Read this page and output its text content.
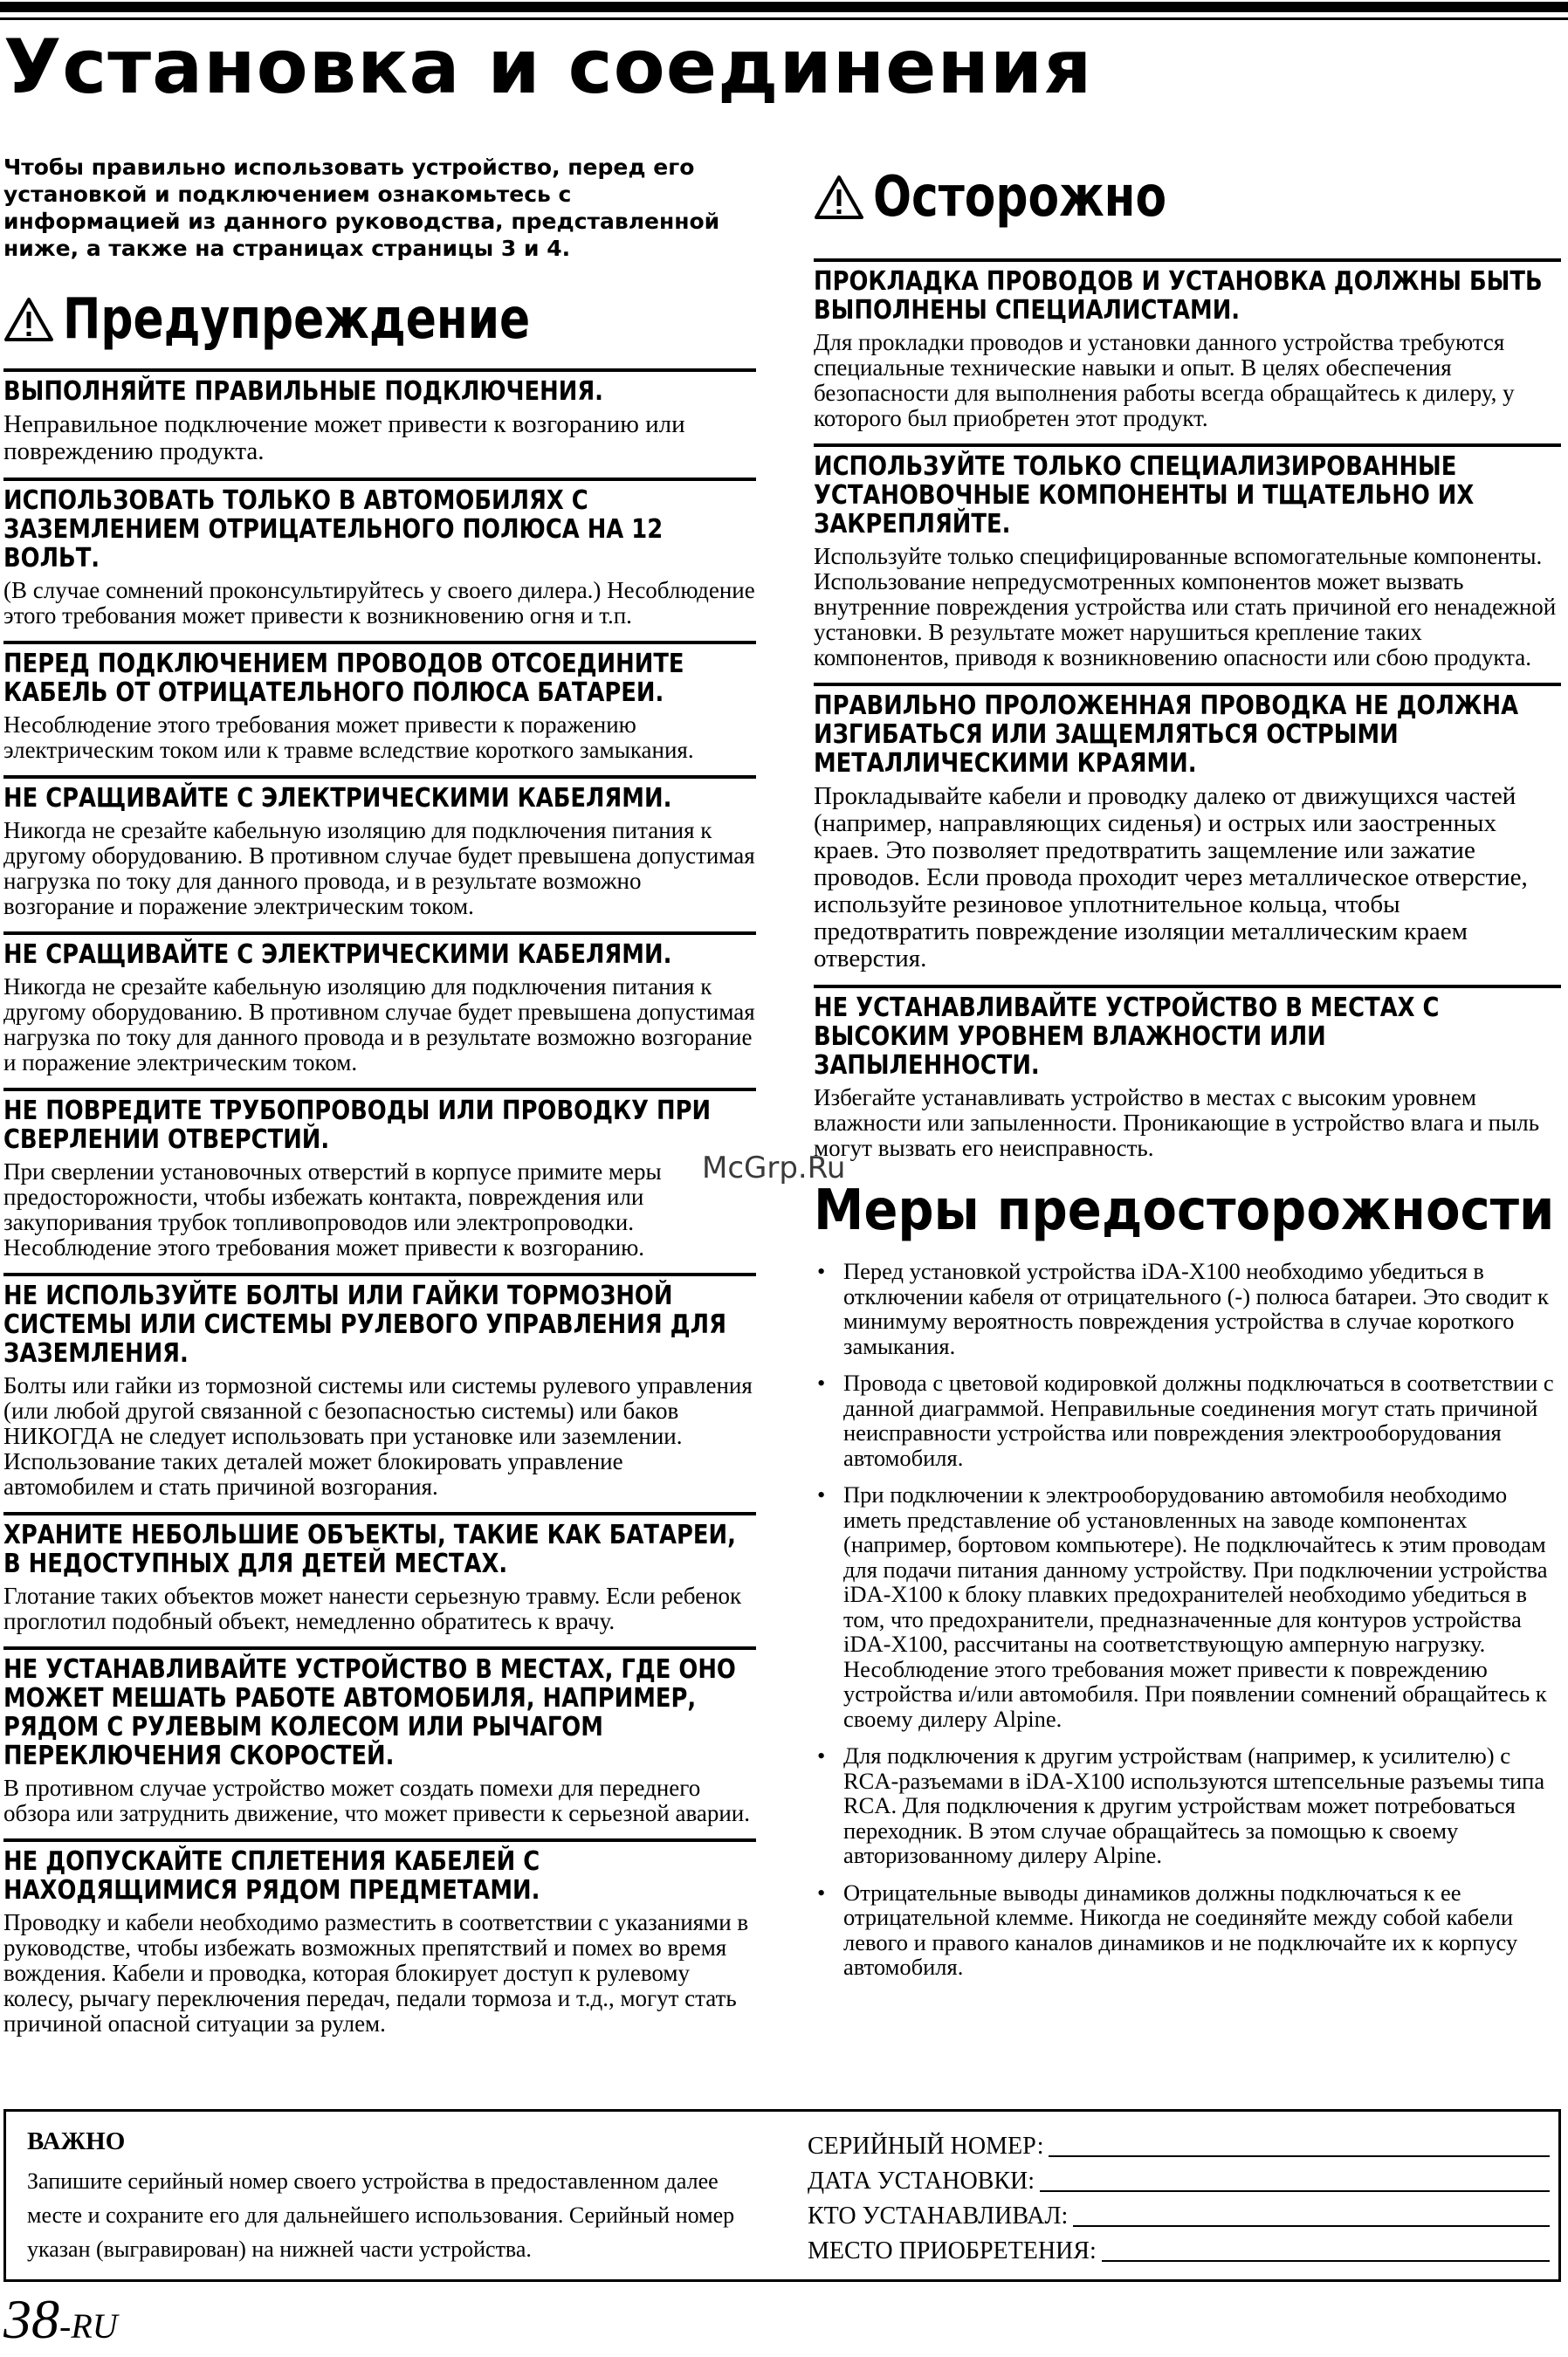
Установка и соединения

Чтобы правильно использовать устройство, перед его установкой и подключением ознакомьтесь с информацией из данного руководства, представленной ниже, а также на страницах страницы 3 и 4.

Предупреждение
ВЫПОЛНЯЙТЕ ПРАВИЛЬНЫЕ ПОДКЛЮЧЕНИЯ.

Неправильное подключение может привести к возгоранию или повреждению продукта.

ИСПОЛЬЗОВАТЬ ТОЛЬКО В АВТОМОБИЛЯХ С ЗАЗЕМЛЕНИЕМ ОТРИЦАТЕЛЬНОГО ПОЛЮСА НА 12 ВОЛЬТ.

(В случае сомнений проконсультируйтесь у своего дилера.) Несоблюдение этого требования может привести к возникновению огня и т.п.

ПЕРЕД ПОДКЛЮЧЕНИЕМ ПРОВОДОВ ОТСОЕДИНИТЕ КАБЕЛЬ ОТ ОТРИЦАТЕЛЬНОГО ПОЛЮСА БАТАРЕИ.

Несоблюдение этого требования может привести к поражению электрическим током или к травме вследствие короткого замыкания.

НЕ СРАЩИВАЙТЕ С ЭЛЕКТРИЧЕСКИМИ КАБЕЛЯМИ.

Никогда не срезайте кабельную изоляцию для подключения питания к другому оборудованию. В противном случае будет превышена допустимая нагрузка по току для данного провода, и в результате возможно возгорание и поражение электрическим током.

НЕ СРАЩИВАЙТЕ С ЭЛЕКТРИЧЕСКИМИ КАБЕЛЯМИ.

Никогда не срезайте кабельную изоляцию для подключения питания к другому оборудованию. В противном случае будет превышена допустимая нагрузка по току для данного провода и в результате возможно возгорание и поражение электрическим током.

НЕ ПОВРЕДИТЕ ТРУБОПРОВОДЫ ИЛИ ПРОВОДКУ ПРИ СВЕРЛЕНИИ ОТВЕРСТИЙ.

При сверлении установочных отверстий в корпусе примите меры предосторожности, чтобы избежать контакта, повреждения или закупоривания трубок топливопроводов или электропроводки. Несоблюдение этого требования может привести к возгоранию.

НЕ ИСПОЛЬЗУЙТЕ БОЛТЫ ИЛИ ГАЙКИ ТОРМОЗНОЙ СИСТЕМЫ ИЛИ СИСТЕМЫ РУЛЕВОГО УПРАВЛЕНИЯ ДЛЯ ЗАЗЕМЛЕНИЯ.

Болты или гайки из тормозной системы или системы рулевого управления (или любой другой связанной с безопасностью системы) или баков НИКОГДА не следует использовать при установке или заземлении. Использование таких деталей может блокировать управление автомобилем и стать причиной возгорания.

ХРАНИТЕ НЕБОЛЬШИЕ ОБЪЕКТЫ, ТАКИЕ КАК БАТАРЕИ, В НЕДОСТУПНЫХ ДЛЯ ДЕТЕЙ МЕСТАХ.

Глотание таких объектов может нанести серьезную травму. Если ребенок проглотил подобный объект, немедленно обратитесь к врачу.

НЕ УСТАНАВЛИВАЙТЕ УСТРОЙСТВО В МЕСТАХ, ГДЕ ОНО МОЖЕТ МЕШАТЬ РАБОТЕ АВТОМОБИЛЯ, НАПРИМЕР, РЯДОМ С РУЛЕВЫМ КОЛЕСОМ ИЛИ РЫЧАГОМ ПЕРЕКЛЮЧЕНИЯ СКОРОСТЕЙ.

В противном случае устройство может создать помехи для переднего обзора или затруднить движение, что может привести к серьезной аварии.

НЕ ДОПУСКАЙТЕ СПЛЕТЕНИЯ КАБЕЛЕЙ С НАХОДЯЩИМИСЯ РЯДОМ ПРЕДМЕТАМИ.

Проводку и кабели необходимо разместить в соответствии с указаниями в руководстве, чтобы избежать возможных препятствий и помех во время вождения. Кабели и проводка, которая блокирует доступ к рулевому колесу, рычагу переключения передач, педали тормоза и т.д., могут стать причиной опасной ситуации за рулем.

Осторожно
ПРОКЛАДКА ПРОВОДОВ И УСТАНОВКА ДОЛЖНЫ БЫТЬ ВЫПОЛНЕНЫ СПЕЦИАЛИСТАМИ.

Для прокладки проводов и установки данного устройства требуются специальные технические навыки и опыт. В целях обеспечения безопасности для выполнения работы всегда обращайтесь к дилеру, у которого был приобретен этот продукт.

ИСПОЛЬЗУЙТЕ ТОЛЬКО СПЕЦИАЛИЗИРОВАННЫЕ УСТАНОВОЧНЫЕ КОМПОНЕНТЫ И ТЩАТЕЛЬНО ИХ ЗАКРЕПЛЯЙТЕ.

Используйте только специфицированные вспомогательные компоненты. Использование непредусмотренных компонентов может вызвать внутренние повреждения устройства или стать причиной его ненадежной установки. В результате может нарушиться крепление таких компонентов, приводя к возникновению опасности или сбою продукта.

ПРАВИЛЬНО ПРОЛОЖЕННАЯ ПРОВОДКА НЕ ДОЛЖНА ИЗГИБАТЬСЯ ИЛИ ЗАЩЕМЛЯТЬСЯ ОСТРЫМИ МЕТАЛЛИЧЕСКИМИ КРАЯМИ.

Прокладывайте кабели и проводку далеко от движущихся частей (например, направляющих сиденья) и острых или заостренных краев. Это позволяет предотвратить защемление или зажатие проводов. Если провода проходит через металлическое отверстие, используйте резиновое уплотнительное кольца, чтобы предотвратить повреждение изоляции металлическим краем отверстия.

НЕ УСТАНАВЛИВАЙТЕ УСТРОЙСТВО В МЕСТАХ С ВЫСОКИМ УРОВНЕМ ВЛАЖНОСТИ ИЛИ ЗАПЫЛЕННОСТИ.

Избегайте устанавливать устройство в местах с высоким уровнем влажности или запыленности. Проникающие в устройство влага и пыль могут вызвать его неисправность.

Меры предосторожности
• Перед установкой устройства iDA-X100 необходимо убедиться в отключении кабеля от отрицательного (-) полюса батареи. Это сводит к минимуму вероятность повреждения устройства в случае короткого замыкания.
• Провода с цветовой кодировкой должны подключаться в соответствии с данной диаграммой. Неправильные соединения могут стать причиной неисправности устройства или повреждения электрооборудования автомобиля.
• При подключении к электрооборудованию автомобиля необходимо иметь представление об установленных на заводе компонентах (например, бортовом компьютере). Не подключайтесь к этим проводам для подачи питания данному устройству. При подключении устройства iDA-X100 к блоку плавких предохранителей необходимо убедиться в том, что предохранители, предназначенные для контуров устройства iDA-X100, рассчитаны на соответствующую амперную нагрузку. Несоблюдение этого требования может привести к повреждению устройства и/или автомобиля. При появлении сомнений обращайтесь к своему дилеру Alpine.
• Для подключения к другим устройствам (например, к усилителю) с RCA-разъемами в iDA-X100 используются штепсельные разъемы типа RCA. Для подключения к другим устройствам может потребоваться переходник. В этом случае обращайтесь за помощью к своему авторизованному дилеру Alpine.
• Отрицательные выводы динамиков должны подключаться к ее отрицательной клемме. Никогда не соединяйте между собой кабели левого и правого каналов динамиков и не подключайте их к корпусу автомобиля.
McGrp.Ru

ВАЖНО

Запишите серийный номер своего устройства в предоставленном далее месте и сохраните его для дальнейшего использования. Серийный номер указан (выгравирован) на нижней части устройства.

СЕРИЙНЫЙ НОМЕР:
ДАТА УСТАНОВКИ:
КТО УСТАНАВЛИВАЛ:
МЕСТО ПРИОБРЕТЕНИЯ:
38-RU
